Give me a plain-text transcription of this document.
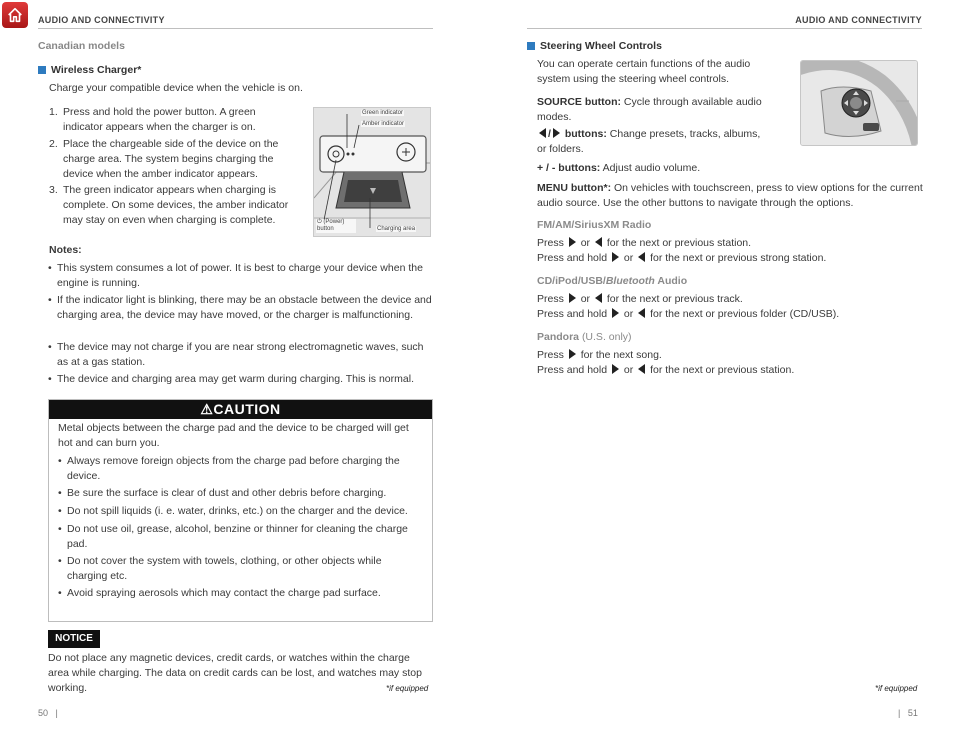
AUDIO AND CONNECTIVITY
Canadian models
Wireless Charger*
Charge your compatible device when the vehicle is on.
1. Press and hold the power button. A green indicator appears when the charger is on.
2. Place the chargeable side of the device on the charge area. The system begins charging the device when the amber indicator appears.
3. The green indicator appears when charging is complete. On some devices, the amber indicator may stay on even when charging is complete.
Green indicator
Amber indicator
⏻ (Power) button	Charging area
Notes:
• This system consumes a lot of power. It is best to charge your device when the engine is running.
• If the indicator light is blinking, there may be an obstacle between the device and charging area, the device may have moved, or the charger is malfunctioning.
• The device may not charge if you are near strong electromagnetic waves, such as at a gas station.
• The device and charging area may get warm during charging. This is normal.
⚠CAUTION
Metal objects between the charge pad and the device to be charged will get hot and can burn you.
• Always remove foreign objects from the charge pad before charging the device.
• Be sure the surface is clear of dust and other debris before charging.
• Do not spill liquids (i. e. water, drinks, etc.) on the charger and the device.
• Do not use oil, grease, alcohol, benzine or thinner for cleaning the charge pad.
• Do not cover the system with towels, clothing, or other objects while charging etc.
• Avoid spraying aerosols which may contact the charge pad surface.
NOTICE
Do not place any magnetic devices, credit cards, or watches within the charge area while charging. The data on credit cards can be lost, and watches may stop working.	*if equipped
50   |
AUDIO AND CONNECTIVITY
Steering Wheel Controls
You can operate certain functions of the audio system using the steering wheel controls.
SOURCE button: Cycle through available audio modes.
/ buttons: Change presets, tracks, albums, or folders.
+ / - buttons: Adjust audio volume.
MENU button*: On vehicles with touchscreen, press to view options for the current audio source. Use the other buttons to navigate through the options.
FM/AM/SiriusXM Radio
Press or for the next or previous station.
Press and hold or for the next or previous strong station.
CD/iPod/USB/Bluetooth Audio
Press or for the next or previous track.
Press and hold or for the next or previous folder (CD/USB).
Pandora (U.S. only)
Press for the next song.
Press and hold or for the next or previous station.
*if equipped
|   51
